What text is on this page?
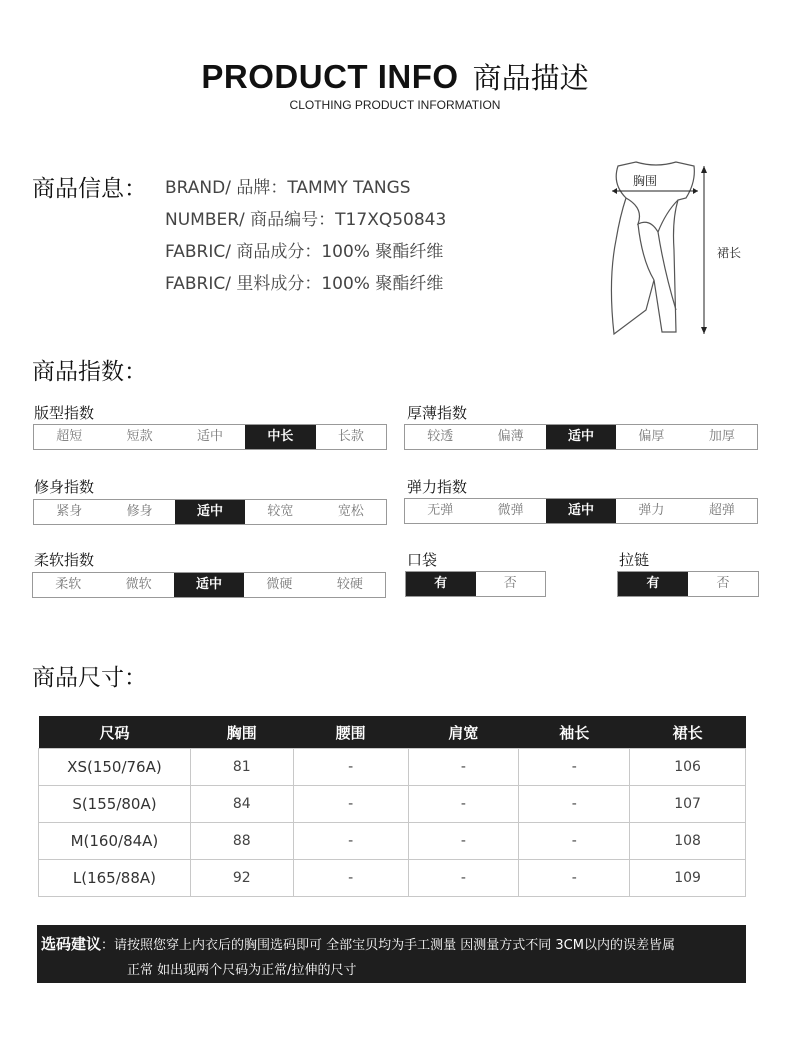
PRODUCT INFO 商品描述
CLOTHING PRODUCT INFORMATION
商品信息： BRAND/ 品牌：TAMMY TANGS
NUMBER/ 商品编号：T17XQ50843
FABRIC/ 商品成分：100% 聚酯纤维
FABRIC/ 里料成分：100% 聚酯纤维
胸围
裙长
商品指数：
版型指数
超短	短款	适中	中长	长款
厚薄指数
较透	偏薄	适中	偏厚	加厚
修身指数
紧身	修身	适中	较宽	宽松
弹力指数
无弹	微弹	适中	弹力	超弹
柔软指数
柔软	微软	适中	微硬	较硬
口袋
有	否
拉链
有	否
商品尺寸：
尺码	胸围	腰围	肩宽	袖长	裙长
XS(150/76A)	81	-	-	-	106
S(155/80A)	84	-	-	-	107
M(160/84A)	88	-	-	-	108
L(165/88A)	92	-	-	-	109
选码建议：请按照您穿上内衣后的胸围选码即可 全部宝贝均为手工测量 因测量方式不同 3CM以内的误差皆属
正常 如出现两个尺码为正常/拉伸的尺寸
